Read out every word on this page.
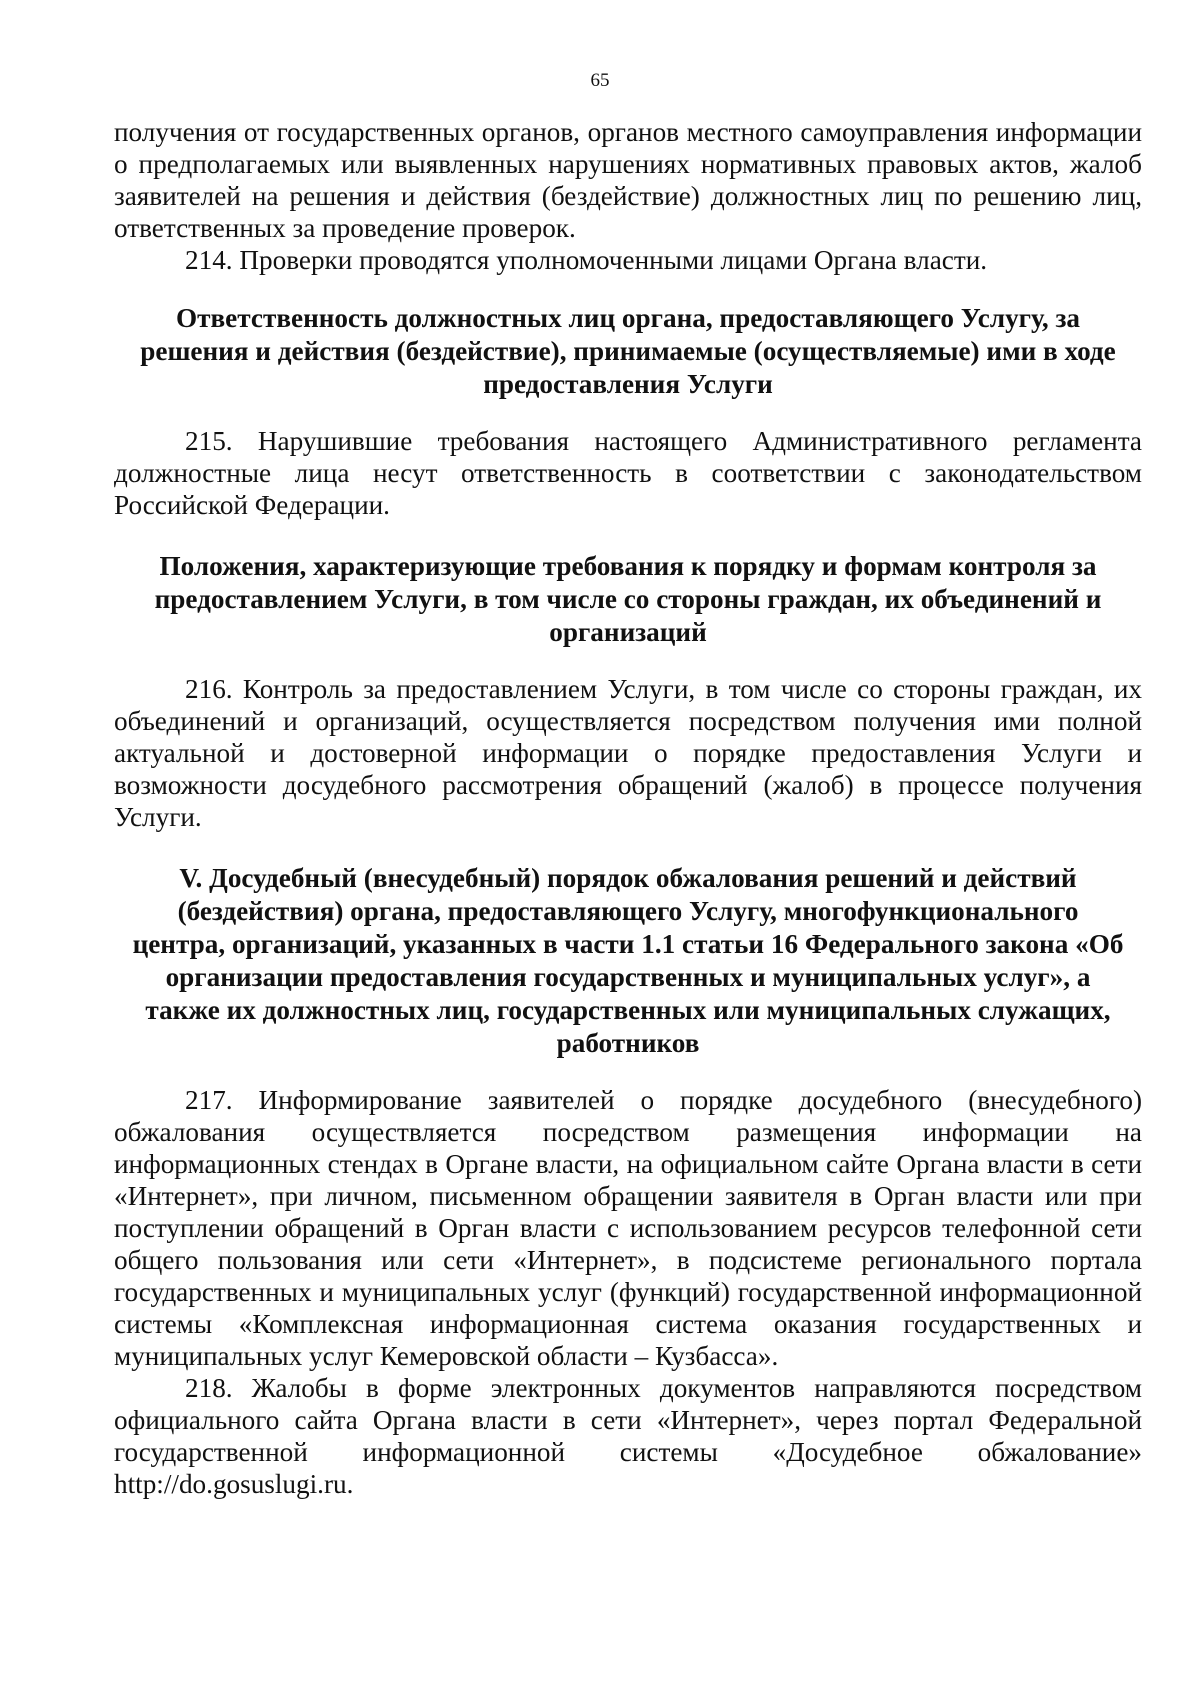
65

получения от государственных органов, органов местного самоуправления информации о предполагаемых или выявленных нарушениях нормативных правовых актов, жалоб заявителей на решения и действия (бездействие) должностных лиц по решению лиц, ответственных за проведение проверок.

214. Проверки проводятся уполномоченными лицами Органа власти.

Ответственность должностных лиц органа, предоставляющего Услугу, за решения и действия (бездействие), принимаемые (осуществляемые) ими в ходе предоставления Услуги

215. Нарушившие требования настоящего Административного регламента должностные лица несут ответственность в соответствии с законодательством Российской Федерации.

Положения, характеризующие требования к порядку и формам контроля за предоставлением Услуги, в том числе со стороны граждан, их объединений и организаций

216. Контроль за предоставлением Услуги, в том числе со стороны граждан, их объединений и организаций, осуществляется посредством получения ими полной актуальной и достоверной информации о порядке предоставления Услуги и возможности досудебного рассмотрения обращений (жалоб) в процессе получения Услуги.

V. Досудебный (внесудебный) порядок обжалования решений и действий (бездействия) органа, предоставляющего Услугу, многофункционального центра, организаций, указанных в части 1.1 статьи 16 Федерального закона «Об организации предоставления государственных и муниципальных услуг», а также их должностных лиц, государственных или муниципальных служащих, работников

217. Информирование заявителей о порядке досудебного (внесудебного) обжалования осуществляется посредством размещения информации на информационных стендах в Органе власти, на официальном сайте Органа власти в сети «Интернет», при личном, письменном обращении заявителя в Орган власти или при поступлении обращений в Орган власти с использованием ресурсов телефонной сети общего пользования или сети «Интернет», в подсистеме регионального портала государственных и муниципальных услуг (функций) государственной информационной системы «Комплексная информационная система оказания государственных и муниципальных услуг Кемеровской области – Кузбасса».

218. Жалобы в форме электронных документов направляются посредством официального сайта Органа власти в сети «Интернет», через портал Федеральной государственной информационной системы «Досудебное обжалование» http://do.gosuslugi.ru.
